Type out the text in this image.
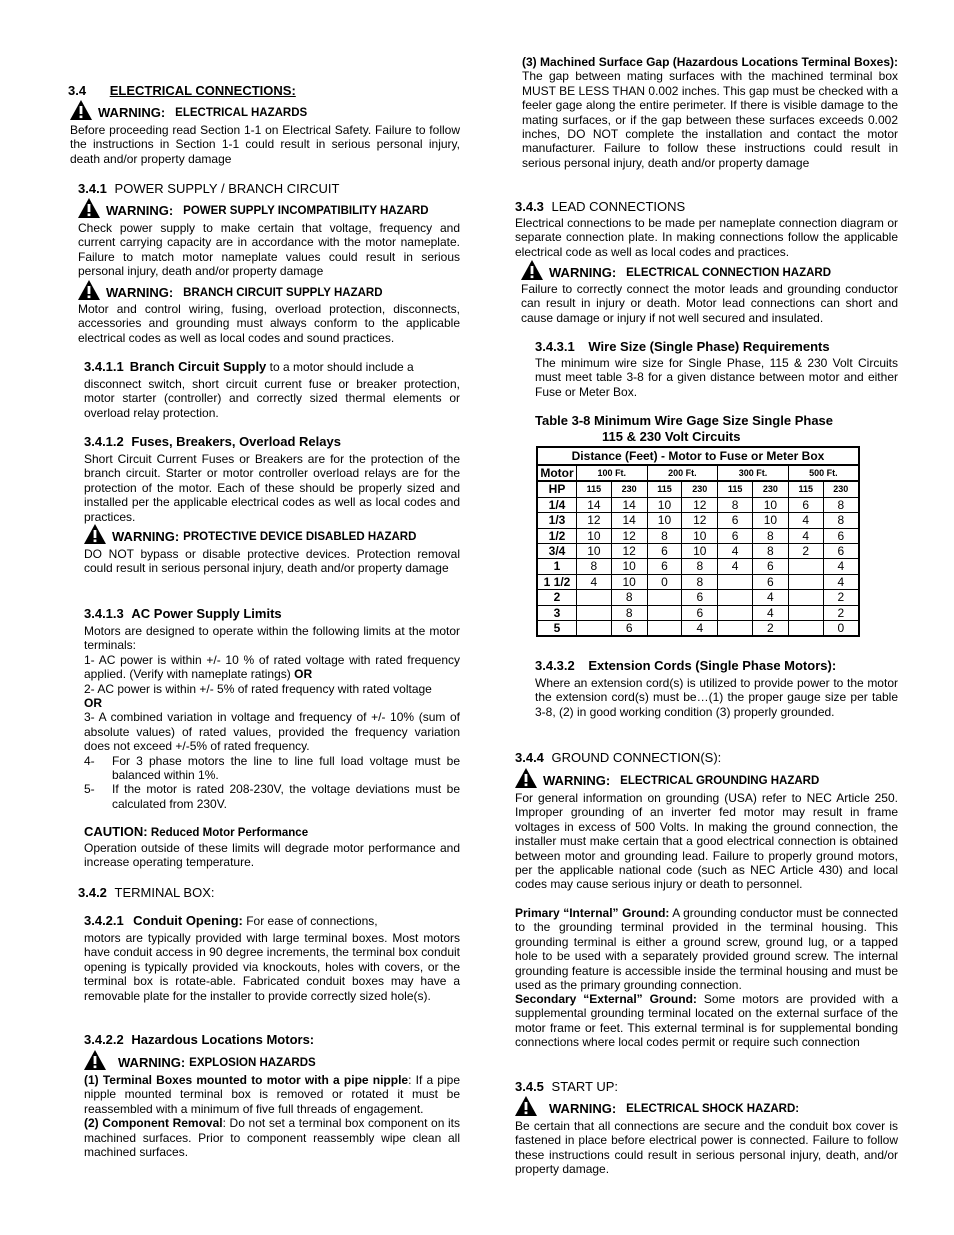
3.4 ELECTRICAL CONNECTIONS:
WARNING: ELECTRICAL HAZARDS
Before proceeding read Section 1-1 on Electrical Safety. Failure to follow the instructions in Section 1-1 could result in serious personal injury, death and/or property damage
3.4.1 POWER SUPPLY / BRANCH CIRCUIT
WARNING: POWER SUPPLY INCOMPATIBILITY HAZARD
Check power supply to make certain that voltage, frequency and current carrying capacity are in accordance with the motor nameplate. Failure to match motor nameplate values could result in serious personal injury, death and/or property damage
WARNING: BRANCH CIRCUIT SUPPLY HAZARD
Motor and control wiring, fusing, overload protection, disconnects, accessories and grounding must always conform to the applicable electrical codes as well as local codes and sound practices.
3.4.1.1 Branch Circuit Supply to a motor should include a
disconnect switch, short circuit current fuse or breaker protection, motor starter (controller) and correctly sized thermal elements or overload relay protection.
3.4.1.2 Fuses, Breakers, Overload Relays
Short Circuit Current Fuses or Breakers are for the protection of the branch circuit. Starter or motor controller overload relays are for the protection of the motor. Each of these should be properly sized and installed per the applicable electrical codes as well as local codes and practices.
WARNING: PROTECTIVE DEVICE DISABLED HAZARD
DO NOT bypass or disable protective devices. Protection removal could result in serious personal injury, death and/or property damage
3.4.1.3 AC Power Supply Limits
Motors are designed to operate within the following limits at the motor terminals:
1- AC power is within +/- 10 % of rated voltage with rated frequency applied. (Verify with nameplate ratings) OR
2- AC power is within +/- 5% of rated frequency with rated voltage
OR
3- A combined variation in voltage and frequency of +/- 10% (sum of absolute values) of rated values, provided the frequency variation does not exceed +/-5% of rated frequency.
4-	For 3 phase motors the line to line full load voltage must be balanced within 1%.
5-	If the motor is rated 208-230V, the voltage deviations must be calculated from 230V.
CAUTION: Reduced Motor Performance
Operation outside of these limits will degrade motor performance and increase operating temperature.
3.4.2 TERMINAL BOX:
3.4.2.1 Conduit Opening: For ease of connections,
motors are typically provided with large terminal boxes. Most motors have conduit access in 90 degree increments, the terminal box conduit opening is typically provided via knockouts, holes with covers, or the terminal box is rotate-able. Fabricated conduit boxes may have a removable plate for the installer to provide correctly sized hole(s).
3.4.2.2 Hazardous Locations Motors:
WARNING: EXPLOSION HAZARDS
(1) Terminal Boxes mounted to motor with a pipe nipple: If a pipe nipple mounted terminal box is removed or rotated it must be reassembled with a minimum of five full threads of engagement.
(2) Component Removal: Do not set a terminal box component on its machined surfaces. Prior to component reassembly wipe clean all machined surfaces.
(3) Machined Surface Gap (Hazardous Locations Terminal Boxes): The gap between mating surfaces with the machined terminal box MUST BE LESS THAN 0.002 inches. This gap must be checked with a feeler gage along the entire perimeter. If there is visible damage to the mating surfaces, or if the gap between these surfaces exceeds 0.002 inches, DO NOT complete the installation and contact the motor manufacturer. Failure to follow these instructions could result in serious personal injury, death and/or property damage
3.4.3 LEAD CONNECTIONS
Electrical connections to be made per nameplate connection diagram or separate connection plate. In making connections follow the applicable electrical code as well as local codes and practices.
WARNING: ELECTRICAL CONNECTION HAZARD
Failure to correctly connect the motor leads and grounding conductor can result in injury or death. Motor lead connections can short and cause damage or injury if not well secured and insulated.
3.4.3.1 Wire Size (Single Phase) Requirements
The minimum wire size for Single Phase, 115 & 230 Volt Circuits must meet table 3-8 for a given distance between motor and either Fuse or Meter Box.
Table 3-8 Minimum Wire Gage Size Single Phase
115 & 230 Volt Circuits
Distance (Feet) - Motor to Fuse or Meter Box								
Motor	100 Ft.		200 Ft.		300 Ft.		500 Ft.	
HP	115	230	115	230	115	230	115	230
1/4	14	14	10	12	8	10	6	8
1/3	12	14	10	12	6	10	4	8
1/2	10	12	8	10	6	8	4	6
3/4	10	12	6	10	4	8	2	6
1	8	10	6	8	4	6		4
1 1/2	4	10	0	8		6		4
2		8		6		4		2
3		8		6		4		2
5		6		4		2		0
3.4.3.2 Extension Cords (Single Phase Motors):
Where an extension cord(s) is utilized to provide power to the motor the extension cord(s) must be…(1) the proper gauge size per table 3-8, (2) in good working condition (3) properly grounded.
3.4.4 GROUND CONNECTION(S):
WARNING: ELECTRICAL GROUNDING HAZARD
For general information on grounding (USA) refer to NEC Article 250. Improper grounding of an inverter fed motor may result in frame voltages in excess of 500 Volts. In making the ground connection, the installer must make certain that a good electrical connection is obtained between motor and grounding lead. Failure to properly ground motors, per the applicable national code (such as NEC Article 430) and local codes may cause serious injury or death to personnel.
Primary “Internal” Ground: A grounding conductor must be connected to the grounding terminal provided in the terminal housing. This grounding terminal is either a ground screw, ground lug, or a tapped hole to be used with a separately provided ground screw. The internal grounding feature is accessible inside the terminal housing and must be used as the primary grounding connection.
Secondary “External” Ground: Some motors are provided with a supplemental grounding terminal located on the external surface of the motor frame or feet. This external terminal is for supplemental bonding connections where local codes permit or require such connection
3.4.5 START UP:
WARNING: ELECTRICAL SHOCK HAZARD:
Be certain that all connections are secure and the conduit box cover is fastened in place before electrical power is connected. Failure to follow these instructions could result in serious personal injury, death, and/or property damage.
